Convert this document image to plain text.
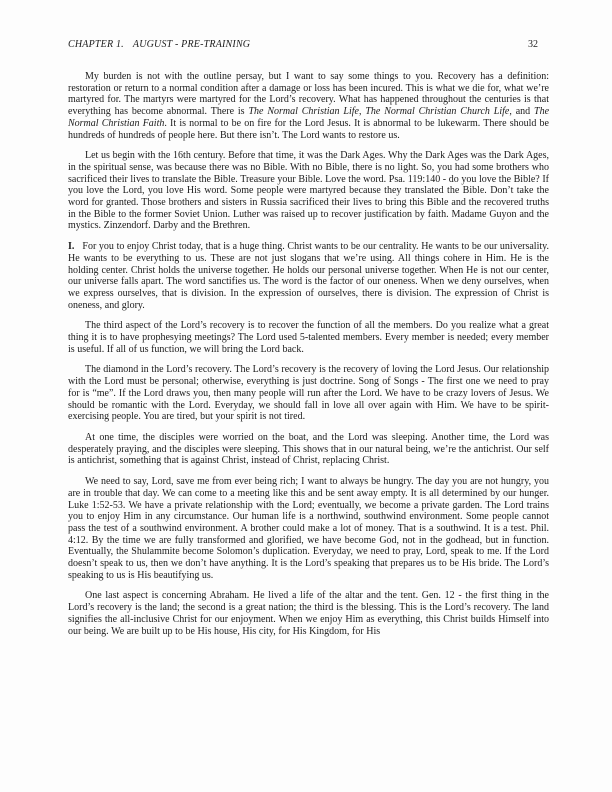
CHAPTER 1. AUGUST - PRE-TRAINING	32

My burden is not with the outline persay, but I want to say some things to you. Recovery has a definition: restoration or return to a normal condition after a damage or loss has been incured. This is what we die for, what we’re martyred for. The martyrs were martyred for the Lord’s recovery. What has happened throughout the centuries is that everything has become abnormal. There is The Normal Christian Life, The Normal Christian Church Life, and The Normal Christian Faith. It is normal to be on fire for the Lord Jesus. It is abnormal to be lukewarm. There should be hundreds of hundreds of people here. But there isn’t. The Lord wants to restore us.

Let us begin with the 16th century. Before that time, it was the Dark Ages. Why the Dark Ages was the Dark Ages, in the spiritual sense, was because there was no Bible. With no Bible, there is no light. So, you had some brothers who sacrificed their lives to translate the Bible. Treasure your Bible. Love the word. Psa. 119:140 - do you love the Bible? If you love the Lord, you love His word. Some people were martyred because they translated the Bible. Don’t take the word for granted. Those brothers and sisters in Russia sacrificed their lives to bring this Bible and the recovered truths in the Bible to the former Soviet Union. Luther was raised up to recover justification by faith. Madame Guyon and the mystics. Zinzendorf. Darby and the Brethren.

I. For you to enjoy Christ today, that is a huge thing. Christ wants to be our centrality. He wants to be our universality. He wants to be everything to us. These are not just slogans that we’re using. All things cohere in Him. He is the holding center. Christ holds the universe together. He holds our personal universe together. When He is not our center, our universe falls apart. The word sanctifies us. The word is the factor of our oneness. When we deny ourselves, when we express ourselves, that is division. In the expression of ourselves, there is division. The expression of Christ is oneness, and glory.

The third aspect of the Lord’s recovery is to recover the function of all the members. Do you realize what a great thing it is to have prophesying meetings? The Lord used 5-talented members. Every member is needed; every member is useful. If all of us function, we will bring the Lord back.

The diamond in the Lord’s recovery. The Lord’s recovery is the recovery of loving the Lord Jesus. Our relationship with the Lord must be personal; otherwise, everything is just doctrine. Song of Songs - The first one we need to pray for is “me”. If the Lord draws you, then many people will run after the Lord. We have to be crazy lovers of Jesus. We should be romantic with the Lord. Everyday, we should fall in love all over again with Him. We have to be spirit-exercising people. You are tired, but your spirit is not tired.

At one time, the disciples were worried on the boat, and the Lord was sleeping. Another time, the Lord was desperately praying, and the disciples were sleeping. This shows that in our natural being, we’re the antichrist. Our self is antichrist, something that is against Christ, instead of Christ, replacing Christ.

We need to say, Lord, save me from ever being rich; I want to always be hungry. The day you are not hungry, you are in trouble that day. We can come to a meeting like this and be sent away empty. It is all determined by our hunger. Luke 1:52-53. We have a private relationship with the Lord; eventually, we become a private garden. The Lord trains you to enjoy Him in any circumstance. Our human life is a northwind, southwind environment. Some people cannot pass the test of a southwind environment. A brother could make a lot of money. That is a southwind. It is a test. Phil. 4:12. By the time we are fully transformed and glorified, we have become God, not in the godhead, but in function. Eventually, the Shulammite become Solomon’s duplication. Everyday, we need to pray, Lord, speak to me. If the Lord doesn’t speak to us, then we don’t have anything. It is the Lord’s speaking that prepares us to be His bride. The Lord’s speaking to us is His beautifying us.

One last aspect is concerning Abraham. He lived a life of the altar and the tent. Gen. 12 - the first thing in the Lord’s recovery is the land; the second is a great nation; the third is the blessing. This is the Lord’s recovery. The land signifies the all-inclusive Christ for our enjoyment. When we enjoy Him as everything, this Christ builds Himself into our being. We are built up to be His house, His city, for His Kingdom, for His
